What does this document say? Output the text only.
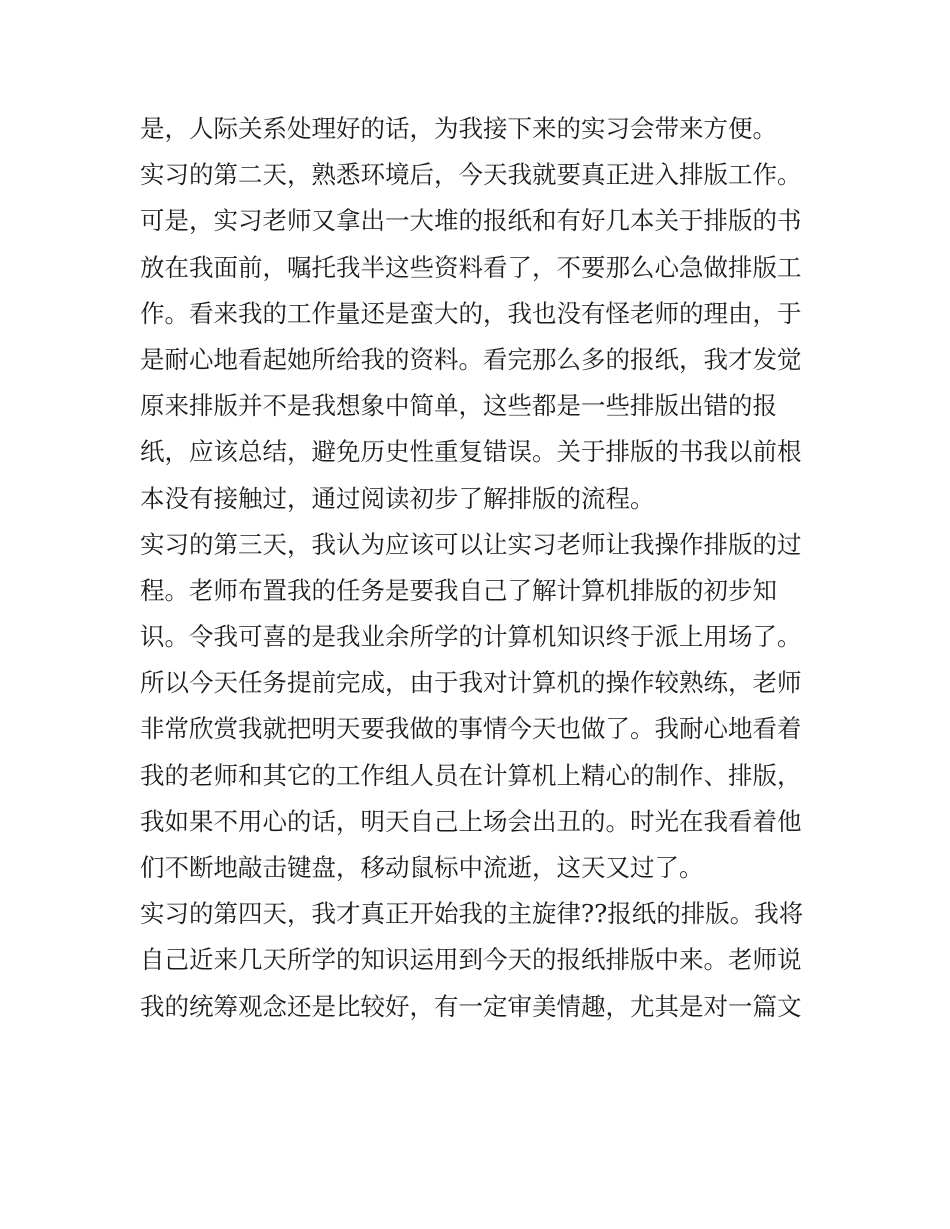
是，人际关系处理好的话，为我接下来的实习会带来方便。
实习的第二天，熟悉环境后，今天我就要真正进入排版工作。
可是，实习老师又拿出一大堆的报纸和有好几本关于排版的书
放在我面前，嘱托我半这些资料看了，不要那么心急做排版工
作。看来我的工作量还是蛮大的，我也没有怪老师的理由，于
是耐心地看起她所给我的资料。看完那么多的报纸，我才发觉
原来排版并不是我想象中简单，这些都是一些排版出错的报
纸，应该总结，避免历史性重复错误。关于排版的书我以前根
本没有接触过，通过阅读初步了解排版的流程。
实习的第三天，我认为应该可以让实习老师让我操作排版的过
程。老师布置我的任务是要我自己了解计算机排版的初步知
识。令我可喜的是我业余所学的计算机知识终于派上用场了。
所以今天任务提前完成，由于我对计算机的操作较熟练，老师
非常欣赏我就把明天要我做的事情今天也做了。我耐心地看着
我的老师和其它的工作组人员在计算机上精心的制作、排版，
我如果不用心的话，明天自己上场会出丑的。时光在我看着他
们不断地敲击键盘，移动鼠标中流逝，这天又过了。
实习的第四天，我才真正开始我的主旋律??报纸的排版。我将
自己近来几天所学的知识运用到今天的报纸排版中来。老师说
我的统筹观念还是比较好，有一定审美情趣，尤其是对一篇文
